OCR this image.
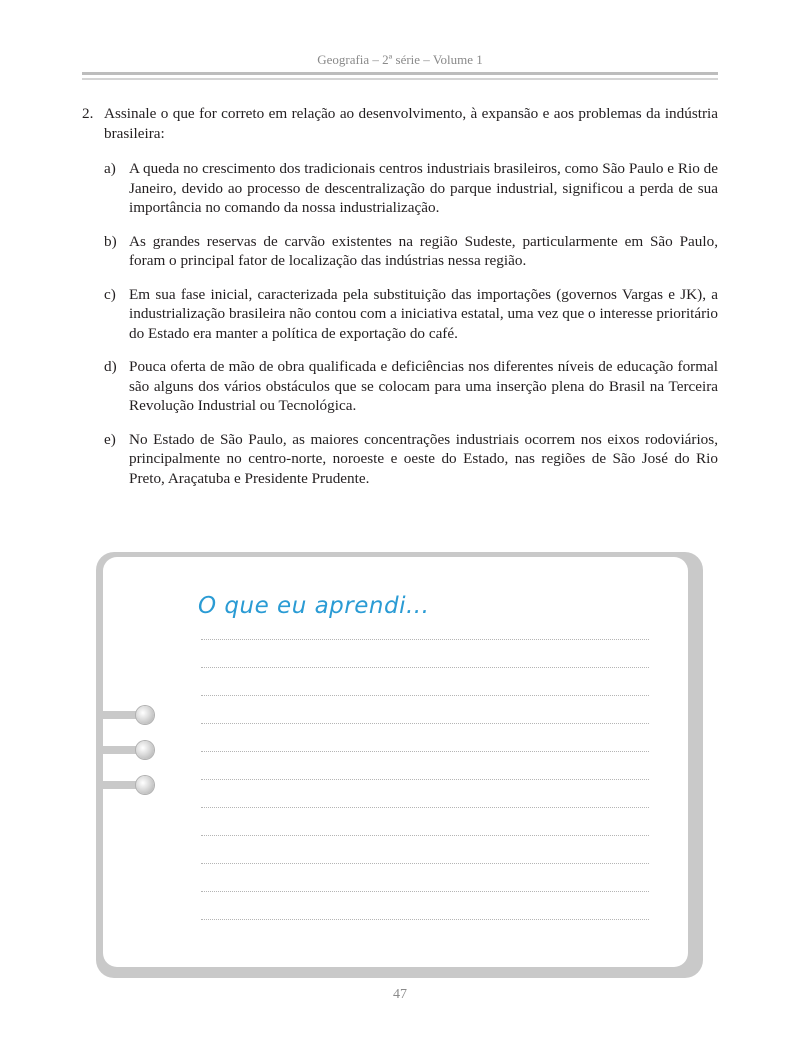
Geografia – 2ª série – Volume 1
2. Assinale o que for correto em relação ao desenvolvimento, à expansão e aos problemas da indústria brasileira:
a) A queda no crescimento dos tradicionais centros industriais brasileiros, como São Paulo e Rio de Janeiro, devido ao processo de descentralização do parque industrial, significou a perda de sua importância no comando da nossa industrialização.
b) As grandes reservas de carvão existentes na região Sudeste, particularmente em São Paulo, foram o principal fator de localização das indústrias nessa região.
c) Em sua fase inicial, caracterizada pela substituição das importações (governos Vargas e JK), a industrialização brasileira não contou com a iniciativa estatal, uma vez que o interesse prioritário do Estado era manter a política de exportação do café.
d) Pouca oferta de mão de obra qualificada e deficiências nos diferentes níveis de educação formal são alguns dos vários obstáculos que se colocam para uma inserção plena do Brasil na Terceira Revolução Industrial ou Tecnológica.
e) No Estado de São Paulo, as maiores concentrações industriais ocorrem nos eixos rodoviários, principalmente no centro-norte, noroeste e oeste do Estado, nas regiões de São José do Rio Preto, Araçatuba e Presidente Prudente.
O que eu aprendi...
47
